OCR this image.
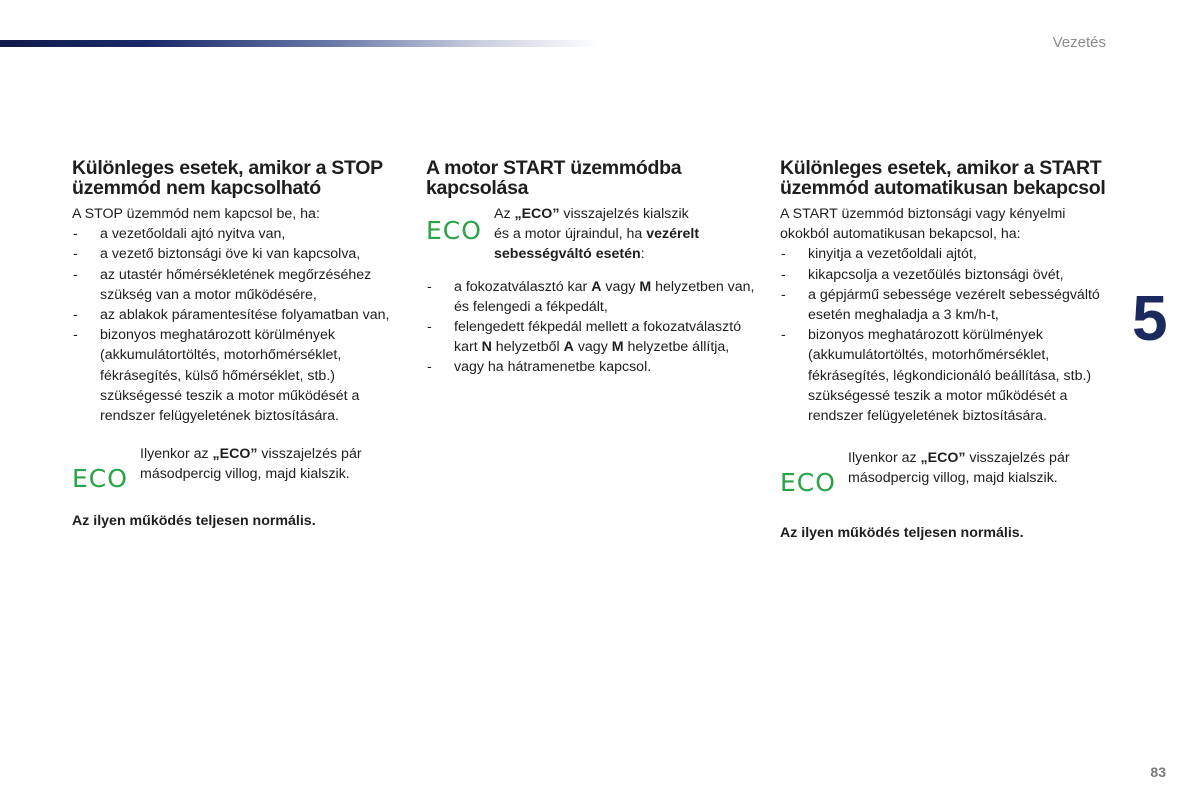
Vezetés
5
83
Különleges esetek, amikor a STOP üzemmód nem kapcsolható

A STOP üzemmód nem kapcsol be, ha:

- a vezetőoldali ajtó nyitva van,
- a vezető biztonsági öve ki van kapcsolva,
- az utastér hőmérsékletének megőrzéséhez szükség van a motor működésére,
- az ablakok páramentesítése folyamatban van,
- bizonyos meghatározott körülmények (akkumulátortöltés, motorhőmérséklet, fékrásegítés, külső hőmérséklet, stb.) szükségessé teszik a motor működését a rendszer felügyeletének biztosítására.
ECO

Ilyenkor az „ECO” visszajelzés pár másodpercig villog, majd kialszik.

Az ilyen működés teljesen normális.

A motor START üzemmódba kapcsolása
ECO

Az „ECO” visszajelzés kialszik
és a motor újraindul, ha vezérelt sebességváltó esetén:

- a fokozatválasztó kar A vagy M helyzetben van, és felengedi a fékpedált,
- felengedett fékpedál mellett a fokozatválasztó kart N helyzetből A vagy M helyzetbe állítja,
- vagy ha hátramenetbe kapcsol.
Különleges esetek, amikor a START üzemmód automatikusan bekapcsol

A START üzemmód biztonsági vagy kényelmi okokból automatikusan bekapcsol, ha:

- kinyitja a vezetőoldali ajtót,
- kikapcsolja a vezetőülés biztonsági övét,
- a gépjármű sebessége vezérelt sebességváltó esetén meghaladja a 3 km/h-t,
- bizonyos meghatározott körülmények (akkumulátortöltés, motorhőmérséklet, fékrásegítés, légkondicionáló beállítása, stb.) szükségessé teszik a motor működését a rendszer felügyeletének biztosítására.
ECO

Ilyenkor az „ECO” visszajelzés pár másodpercig villog, majd kialszik.

Az ilyen működés teljesen normális.
